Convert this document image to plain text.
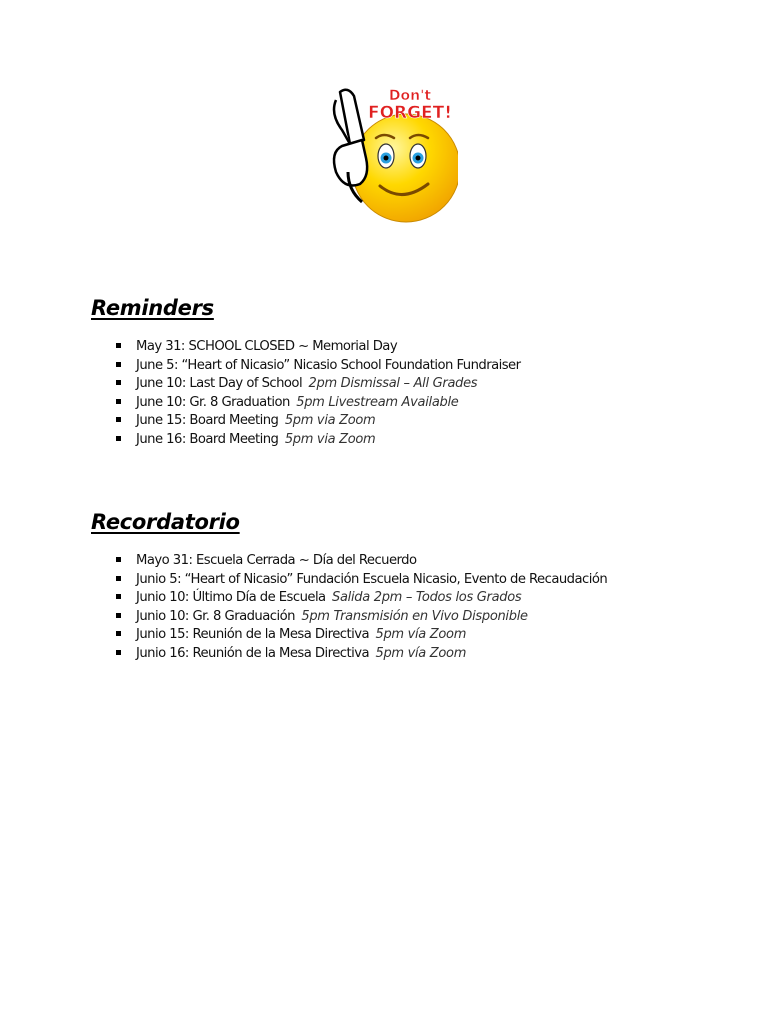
Don't
FORGET!
Reminders
May 31: SCHOOL CLOSED ~ Memorial Day
June 5: “Heart of Nicasio” Nicasio School Foundation Fundraiser
June 10: Last Day of School 2pm Dismissal – All Grades
June 10: Gr. 8 Graduation 5pm Livestream Available
June 15: Board Meeting 5pm via Zoom
June 16: Board Meeting 5pm via Zoom
Recordatorio
Mayo 31: Escuela Cerrada ~ Día del Recuerdo
Junio 5: “Heart of Nicasio” Fundación Escuela Nicasio, Evento de Recaudación
Junio 10: Último Día de Escuela Salida 2pm – Todos los Grados
Junio 10: Gr. 8 Graduación 5pm Transmisión en Vivo Disponible
Junio 15: Reunión de la Mesa Directiva 5pm vía Zoom
Junio 16: Reunión de la Mesa Directiva 5pm vía Zoom
